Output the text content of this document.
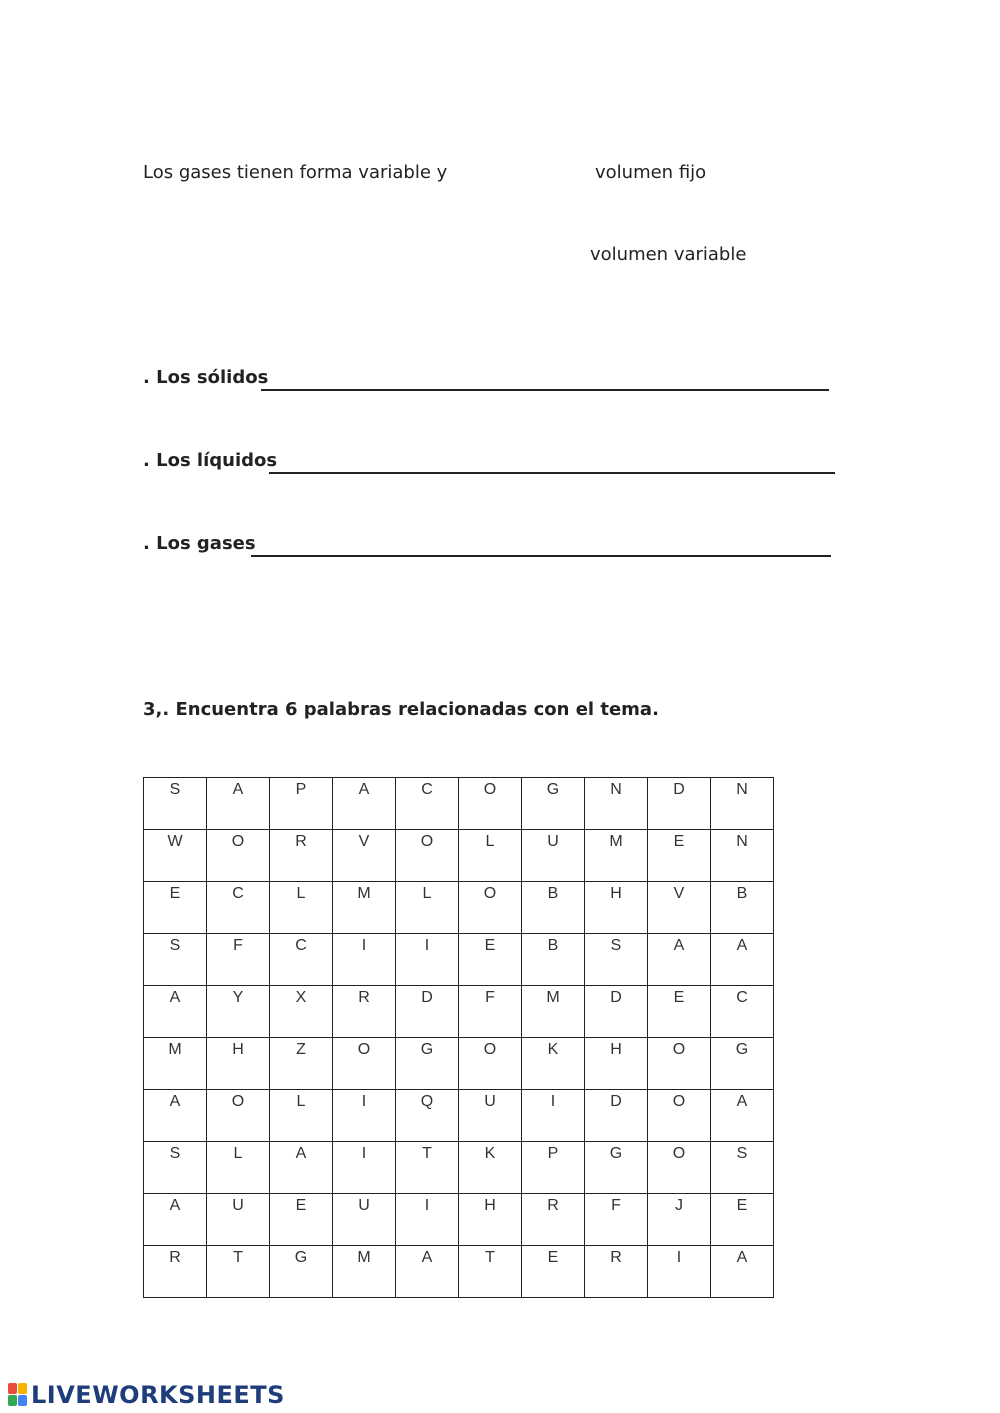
Los gases tienen forma variable y	volumen fijo
volumen variable
. Los sólidos
. Los líquidos
. Los gases
3,. Encuentra 6 palabras relacionadas con el tema.
S	A	P	A	C	O	G	N	D	N
W	O	R	V	O	L	U	M	E	N
E	C	L	M	L	O	B	H	V	B
S	F	C	I	I	E	B	S	A	A
A	Y	X	R	D	F	M	D	E	C
M	H	Z	O	G	O	K	H	O	G
A	O	L	I	Q	U	I	D	O	A
S	L	A	I	T	K	P	G	O	S
A	U	E	U	I	H	R	F	J	E
R	T	G	M	A	T	E	R	I	A
LIVEWORKSHEETS
